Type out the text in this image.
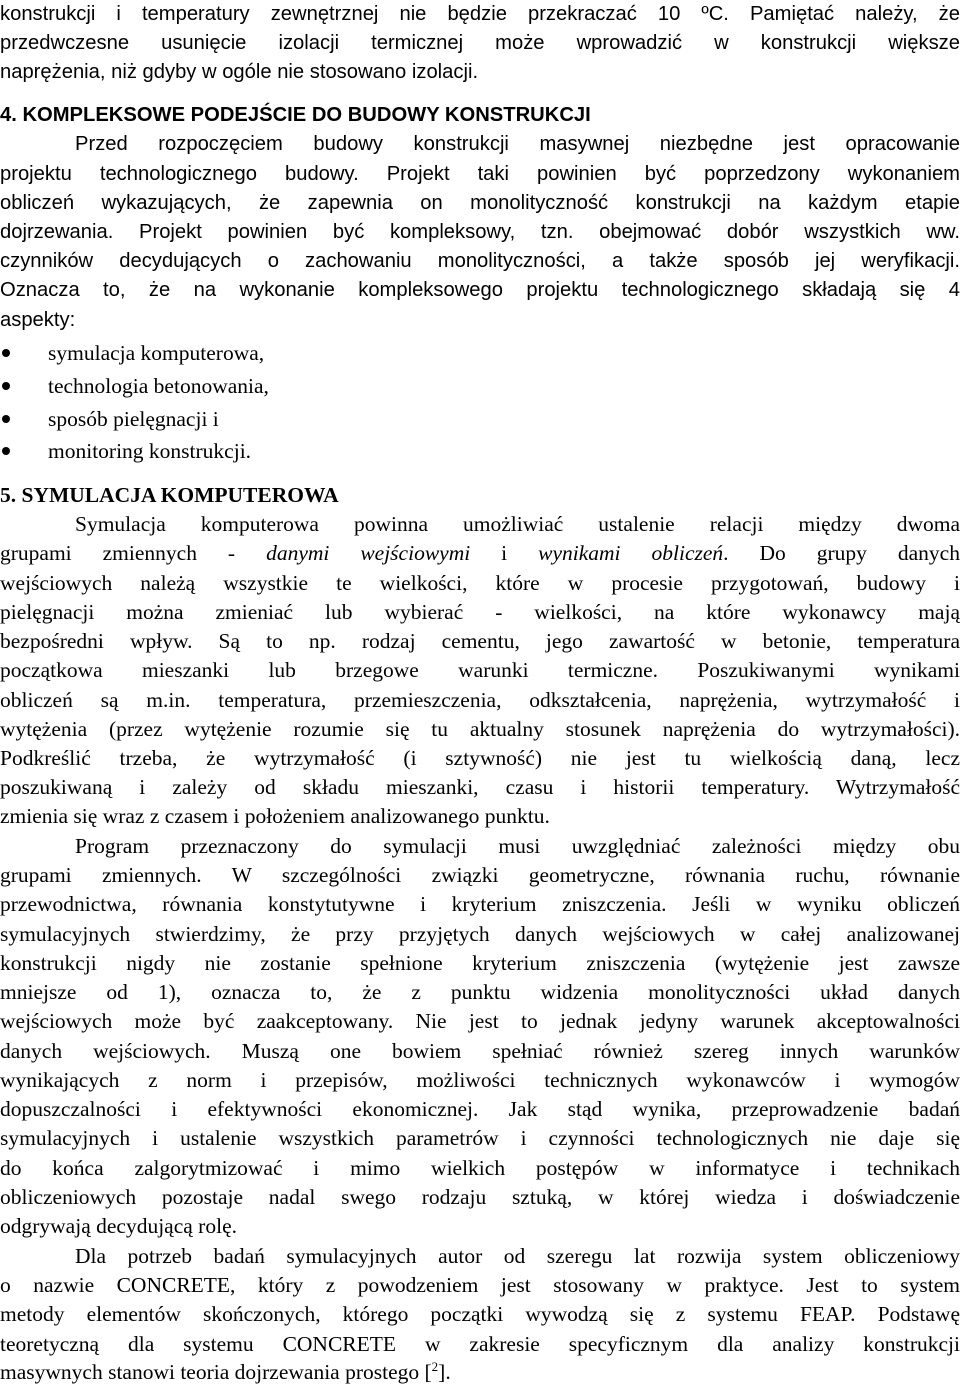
konstrukcji i temperatury zewnętrznej nie będzie przekraczać 10 ºC. Pamiętać należy, że
przedwczesne usunięcie izolacji termicznej może wprowadzić w konstrukcji większe
naprężenia, niż gdyby w ogóle nie stosowano izolacji.
4. KOMPLEKSOWE PODEJŚCIE DO BUDOWY KONSTRUKCJI
Przed rozpoczęciem budowy konstrukcji masywnej niezbędne jest opracowanie
projektu technologicznego budowy. Projekt taki powinien być poprzedzony wykonaniem
obliczeń wykazujących, że zapewnia on monolityczność konstrukcji na każdym etapie
dojrzewania. Projekt powinien być kompleksowy, tzn. obejmować dobór wszystkich ww.
czynników decydujących o zachowaniu monolityczności, a także sposób jej weryfikacji.
Oznacza to, że na wykonanie kompleksowego projektu technologicznego składają się 4
aspekty:
symulacja komputerowa,
technologia betonowania,
sposób pielęgnacji i
monitoring konstrukcji.
5. SYMULACJA KOMPUTEROWA
Symulacja komputerowa powinna umożliwiać ustalenie relacji między dwoma
grupami zmiennych - danymi wejściowymi i wynikami obliczeń. Do grupy danych
wejściowych należą wszystkie te wielkości, które w procesie przygotowań, budowy i
pielęgnacji można zmieniać lub wybierać - wielkości, na które wykonawcy mają
bezpośredni wpływ. Są to np. rodzaj cementu, jego zawartość w betonie, temperatura
początkowa mieszanki lub brzegowe warunki termiczne. Poszukiwanymi wynikami
obliczeń są m.in. temperatura, przemieszczenia, odkształcenia, naprężenia, wytrzymałość i
wytężenia (przez wytężenie rozumie się tu aktualny stosunek naprężenia do wytrzymałości).
Podkreślić trzeba, że wytrzymałość (i sztywność) nie jest tu wielkością daną, lecz
poszukiwaną i zależy od składu mieszanki, czasu i historii temperatury. Wytrzymałość
zmienia się wraz z czasem i położeniem analizowanego punktu.
Program przeznaczony do symulacji musi uwzględniać zależności między obu
grupami zmiennych. W szczególności związki geometryczne, równania ruchu, równanie
przewodnictwa, równania konstytutywne i kryterium zniszczenia. Jeśli w wyniku obliczeń
symulacyjnych stwierdzimy, że przy przyjętych danych wejściowych w całej analizowanej
konstrukcji nigdy nie zostanie spełnione kryterium zniszczenia (wytężenie jest zawsze
mniejsze od 1), oznacza to, że z punktu widzenia monolityczności układ danych
wejściowych może być zaakceptowany. Nie jest to jednak jedyny warunek akceptowalności
danych wejściowych. Muszą one bowiem spełniać również szereg innych warunków
wynikających z norm i przepisów, możliwości technicznych wykonawców i wymogów
dopuszczalności i efektywności ekonomicznej. Jak stąd wynika, przeprowadzenie badań
symulacyjnych i ustalenie wszystkich parametrów i czynności technologicznych nie daje się
do końca zalgorytmizować i mimo wielkich postępów w informatyce i technikach
obliczeniowych pozostaje nadal swego rodzaju sztuką, w której wiedza i doświadczenie
odgrywają decydującą rolę.
Dla potrzeb badań symulacyjnych autor od szeregu lat rozwija system obliczeniowy
o nazwie CONCRETE, który z powodzeniem jest stosowany w praktyce. Jest to system
metody elementów skończonych, którego początki wywodzą się z systemu FEAP. Podstawę
teoretyczną dla systemu CONCRETE w zakresie specyficznym dla analizy konstrukcji
masywnych stanowi teoria dojrzewania prostego [$^2$].
